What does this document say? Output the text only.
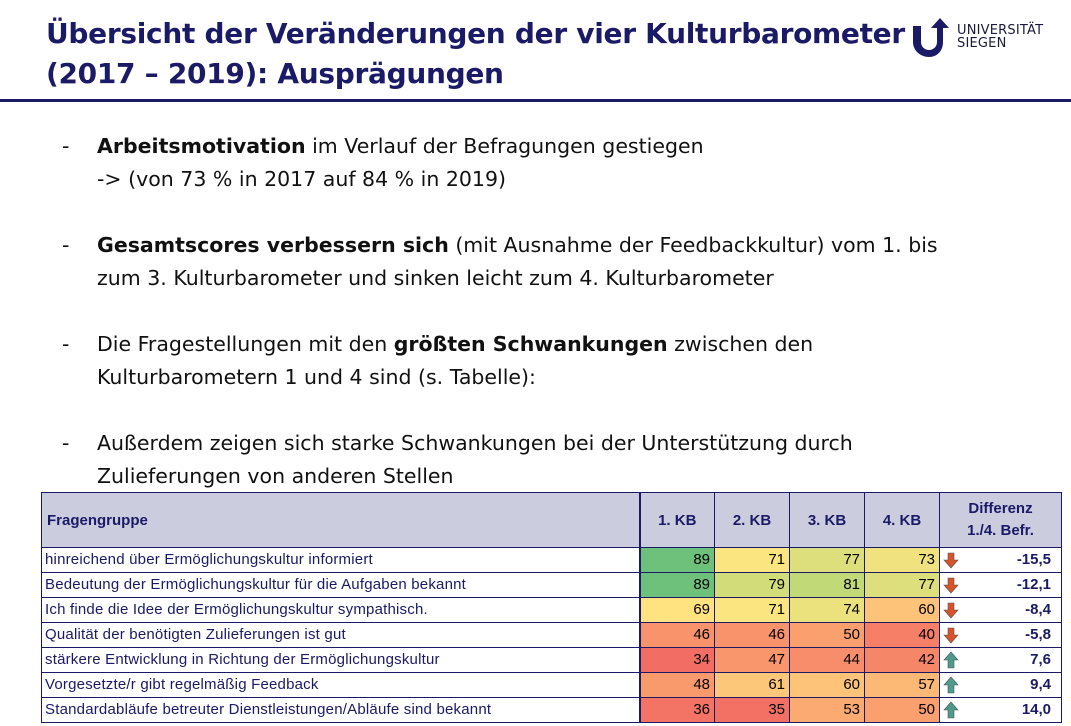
Übersicht der Veränderungen der vier Kulturbarometer
(2017 – 2019): Ausprägungen
UNIVERSITÄT
SIEGEN
- Arbeitsmotivation im Verlauf der Befragungen gestiegen
-> (von 73 % in 2017 auf 84 % in 2019)
- Gesamtscores verbessern sich (mit Ausnahme der Feedbackkultur) vom 1. bis
zum 3. Kulturbarometer und sinken leicht zum 4. Kulturbarometer
- Die Fragestellungen mit den größten Schwankungen zwischen den
Kulturbarometern 1 und 4 sind (s. Tabelle):
- Außerdem zeigen sich starke Schwankungen bei der Unterstützung durch
Zulieferungen von anderen Stellen
Fragengruppe	1. KB	2. KB	3. KB	4. KB	Differenz
1./4. Befr.	

hinreichend über Ermöglichungskultur informiert	89	71	77	73		-15,5
Bedeutung der Ermöglichungskultur für die Aufgaben bekannt	89	79	81	77		-12,1
Ich finde die Idee der Ermöglichungskultur sympathisch.	69	71	74	60		-8,4
Qualität der benötigten Zulieferungen ist gut	46	46	50	40		-5,8
stärkere Entwicklung in Richtung der Ermöglichungskultur	34	47	44	42		7,6
Vorgesetzte/r gibt regelmäßig Feedback	48	61	60	57		9,4
Standardabläufe betreuter Dienstleistungen/Abläufe sind bekannt	36	35	53	50		14,0
